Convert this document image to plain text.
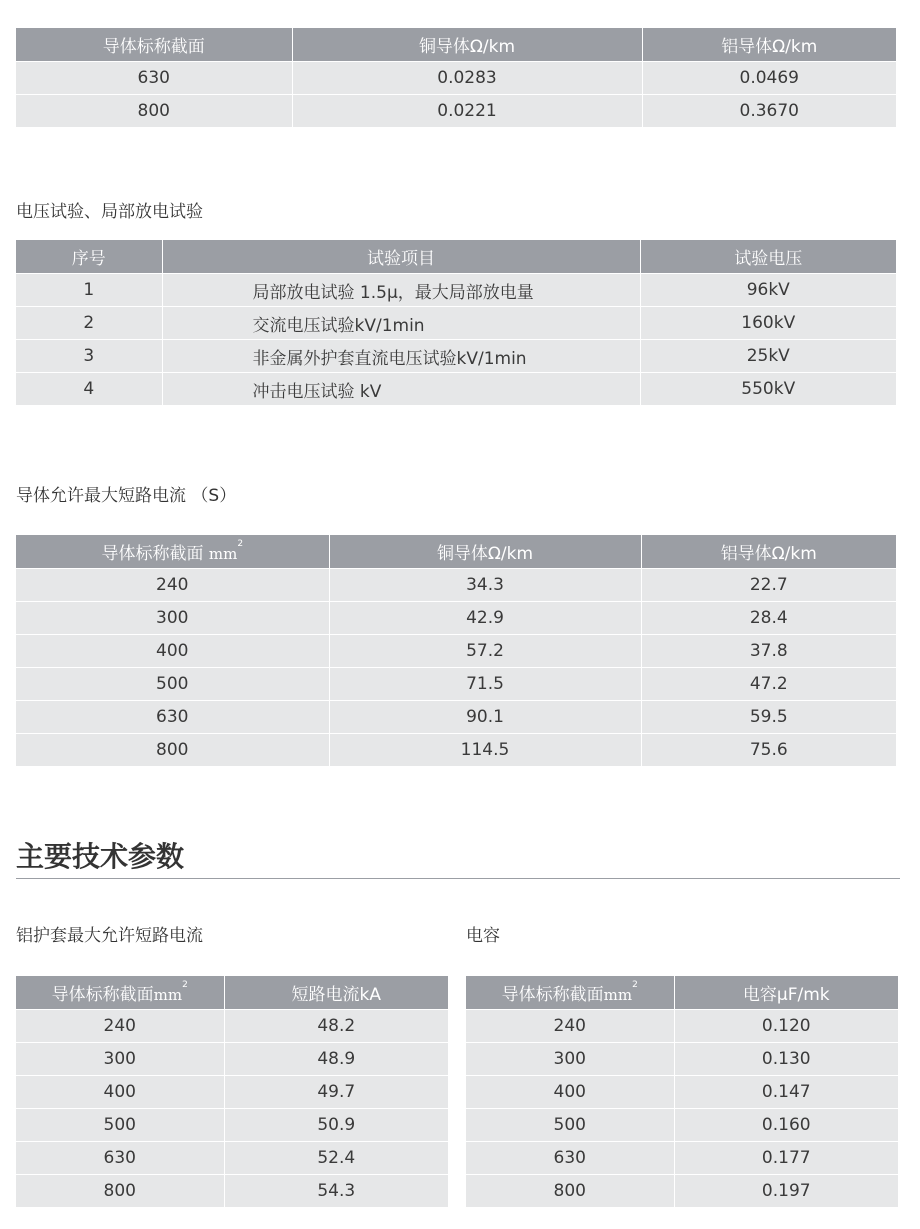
导体标称截面	铜导体Ω/km	铝导体Ω/km
630	0.0283	0.0469
800	0.0221	0.3670

电压试验、局部放电试验

序号	试验项目	试验电压
1	局部放电试验 1.5μ，最大局部放电量	96kV
2	交流电压试验kV/1min	160kV
3	非金属外护套直流电压试验kV/1min	25kV
4	冲击电压试验 kV	550kV

导体允许最大短路电流 （S）

导体标称截面 $mm^2$	铜导体Ω/km	铝导体Ω/km
240	34.3	22.7
300	42.9	28.4
400	57.2	37.8
500	71.5	47.2
630	90.1	59.5
800	114.5	75.6
主要技术参数

铝护套最大允许短路电流

导体标称截面$mm^2$	短路电流kA
240	48.2
300	48.9
400	49.7
500	50.9
630	52.4
800	54.3

电容

导体标称截面$mm^2$	电容μF/mk
240	0.120
300	0.130
400	0.147
500	0.160
630	0.177
800	0.197
